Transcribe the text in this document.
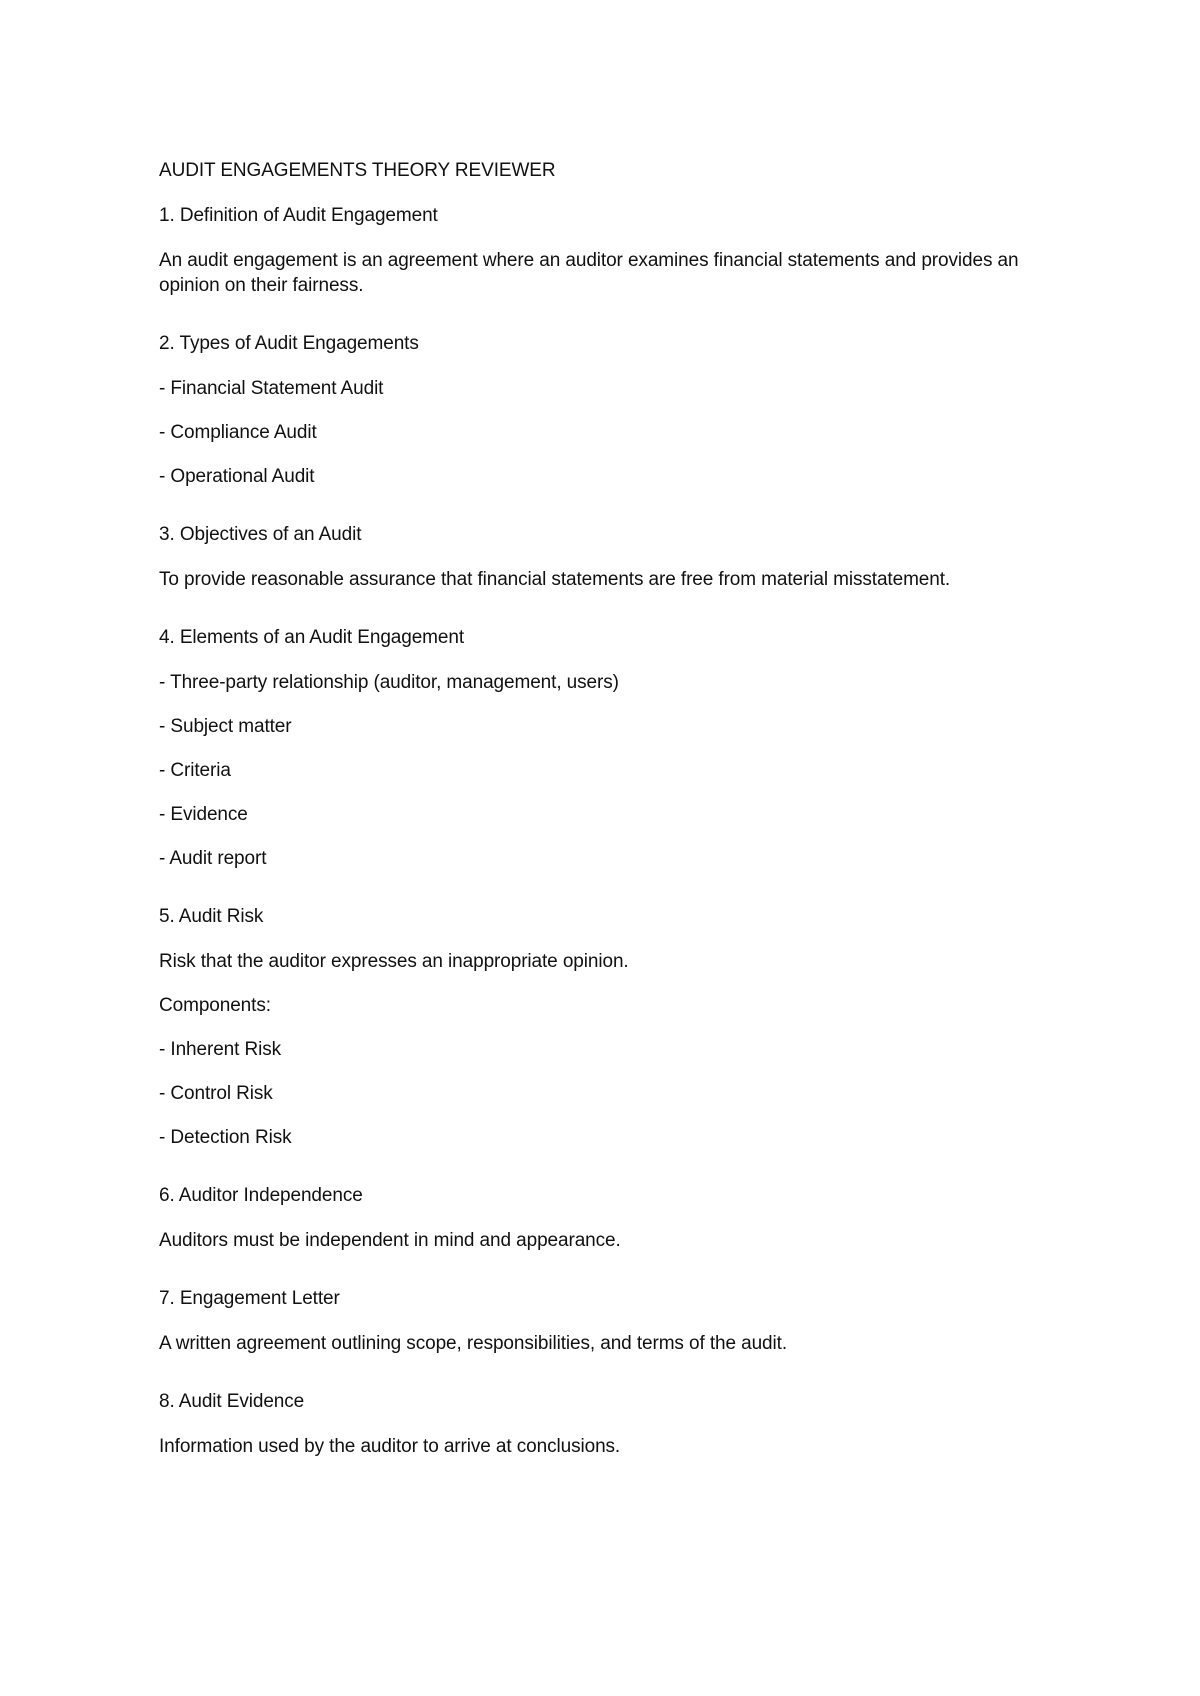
AUDIT ENGAGEMENTS THEORY REVIEWER
1. Definition of Audit Engagement
An audit engagement is an agreement where an auditor examines financial statements and provides an opinion on their fairness.
2. Types of Audit Engagements
- Financial Statement Audit
- Compliance Audit
- Operational Audit
3. Objectives of an Audit
To provide reasonable assurance that financial statements are free from material misstatement.
4. Elements of an Audit Engagement
- Three-party relationship (auditor, management, users)
- Subject matter
- Criteria
- Evidence
- Audit report
5. Audit Risk
Risk that the auditor expresses an inappropriate opinion.
Components:
- Inherent Risk
- Control Risk
- Detection Risk
6. Auditor Independence
Auditors must be independent in mind and appearance.
7. Engagement Letter
A written agreement outlining scope, responsibilities, and terms of the audit.
8. Audit Evidence
Information used by the auditor to arrive at conclusions.
